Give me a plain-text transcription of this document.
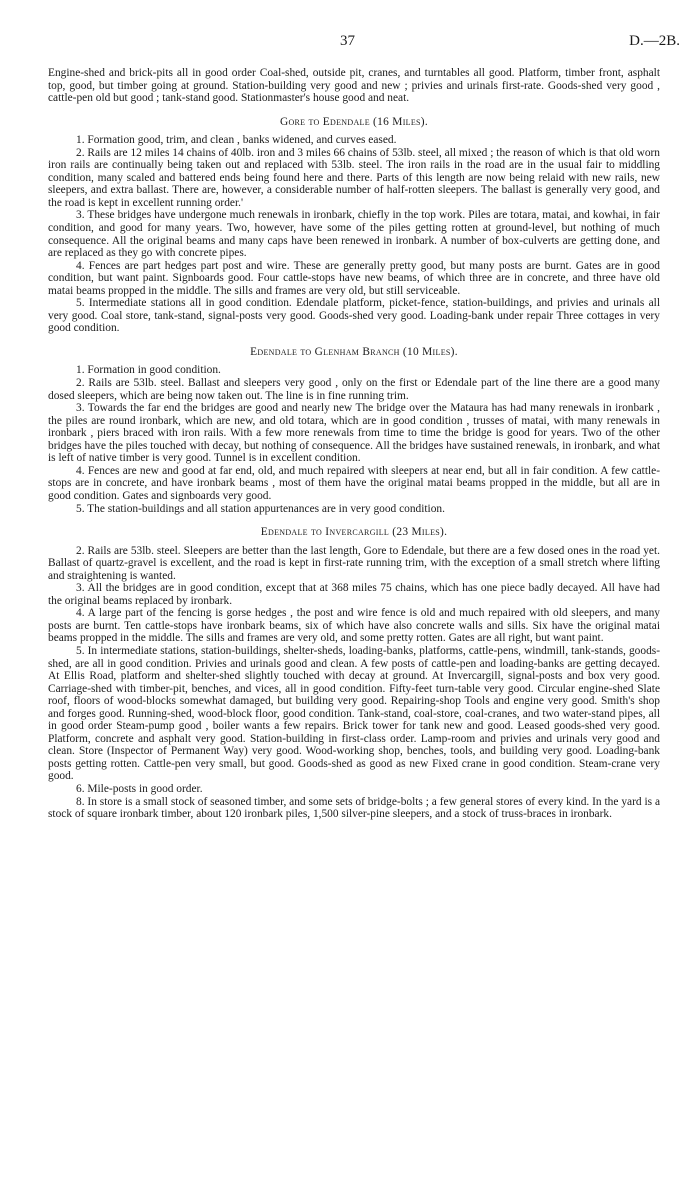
37	D.—2B.

Engine-shed and brick-pits all in good order Coal-shed, outside pit, cranes, and turntables all good. Platform, timber front, asphalt top, good, but timber going at ground. Station-building very good and new ; privies and urinals first-rate. Goods-shed very good , cattle-pen old but good ; tank-stand good. Stationmaster's house good and neat.

Gore to Edendale (16 Miles).

1. Formation good, trim, and clean , banks widened, and curves eased.

2. Rails are 12 miles 14 chains of 40lb. iron and 3 miles 66 chains of 53lb. steel, all mixed ; the reason of which is that old worn iron rails are continually being taken out and replaced with 53lb. steel. The iron rails in the road are in the usual fair to middling condition, many scaled and battered ends being found here and there. Parts of this length are now being relaid with new rails, new sleepers, and extra ballast. There are, however, a considerable number of half-rotten sleepers. The ballast is generally very good, and the road is kept in excellent running order.'

3. These bridges have undergone much renewals in ironbark, chiefly in the top work. Piles are totara, matai, and kowhai, in fair condition, and good for many years. Two, however, have some of the piles getting rotten at ground-level, but nothing of much consequence. All the original beams and many caps have been renewed in ironbark. A number of box-culverts are getting done, and are replaced as they go with concrete pipes.

4. Fences are part hedges part post and wire. These are generally pretty good, but many posts are burnt. Gates are in good condition, but want paint. Signboards good. Four cattle-stops have new beams, of which three are in concrete, and three have old matai beams propped in the middle. The sills and frames are very old, but still serviceable.

5. Intermediate stations all in good condition. Edendale platform, picket-fence, station-buildings, and privies and urinals all very good. Coal store, tank-stand, signal-posts very good. Goods-shed very good. Loading-bank under repair Three cottages in very good condition.

Edendale to Glenham Branch (10 Miles).

1. Formation in good condition.

2. Rails are 53lb. steel. Ballast and sleepers very good , only on the first or Edendale part of the line there are a good many dosed sleepers, which are being now taken out. The line is in fine running trim.

3. Towards the far end the bridges are good and nearly new The bridge over the Mataura has had many renewals in ironbark , the piles are round ironbark, which are new, and old totara, which are in good condition , trusses of matai, with many renewals in ironbark , piers braced with iron rails. With a few more renewals from time to time the bridge is good for years. Two of the other bridges have the piles touched with decay, but nothing of consequence. All the bridges have sustained renewals, in ironbark, and what is left of native timber is very good. Tunnel is in excellent condition.

4. Fences are new and good at far end, old, and much repaired with sleepers at near end, but all in fair condition. A few cattle-stops are in concrete, and have ironbark beams , most of them have the original matai beams propped in the middle, but all are in good condition. Gates and signboards very good.

5. The station-buildings and all station appurtenances are in very good condition.

Edendale to Invercargill (23 Miles).

2. Rails are 53lb. steel. Sleepers are better than the last length, Gore to Edendale, but there are a few dosed ones in the road yet. Ballast of quartz-gravel is excellent, and the road is kept in first-rate running trim, with the exception of a small stretch where lifting and straightening is wanted.

3. All the bridges are in good condition, except that at 368 miles 75 chains, which has one piece badly decayed. All have had the original beams replaced by ironbark.

4. A large part of the fencing is gorse hedges , the post and wire fence is old and much repaired with old sleepers, and many posts are burnt. Ten cattle-stops have ironbark beams, six of which have also concrete walls and sills. Six have the original matai beams propped in the middle. The sills and frames are very old, and some pretty rotten. Gates are all right, but want paint.

5. In intermediate stations, station-buildings, shelter-sheds, loading-banks, platforms, cattle-pens, windmill, tank-stands, goods-shed, are all in good condition. Privies and urinals good and clean. A few posts of cattle-pen and loading-banks are getting decayed. At Ellis Road, platform and shelter-shed slightly touched with decay at ground. At Invercargill, signal-posts and box very good. Carriage-shed with timber-pit, benches, and vices, all in good condition. Fifty-feet turn-table very good. Circular engine-shed Slate roof, floors of wood-blocks somewhat damaged, but building very good. Repairing-shop Tools and engine very good. Smith's shop and forges good. Running-shed, wood-block floor, good condition. Tank-stand, coal-store, coal-cranes, and two water-stand pipes, all in good order Steam-pump good , boiler wants a few repairs. Brick tower for tank new and good. Leased goods-shed very good. Platform, concrete and asphalt very good. Station-building in first-class order. Lamp-room and privies and urinals very good and clean. Store (Inspector of Permanent Way) very good. Wood-working shop, benches, tools, and building very good. Loading-bank posts getting rotten. Cattle-pen very small, but good. Goods-shed as good as new Fixed crane in good condition. Steam-crane very good.

6. Mile-posts in good order.

8. In store is a small stock of seasoned timber, and some sets of bridge-bolts ; a few general stores of every kind. In the yard is a stock of square ironbark timber, about 120 ironbark piles, 1,500 silver-pine sleepers, and a stock of truss-braces in ironbark.
